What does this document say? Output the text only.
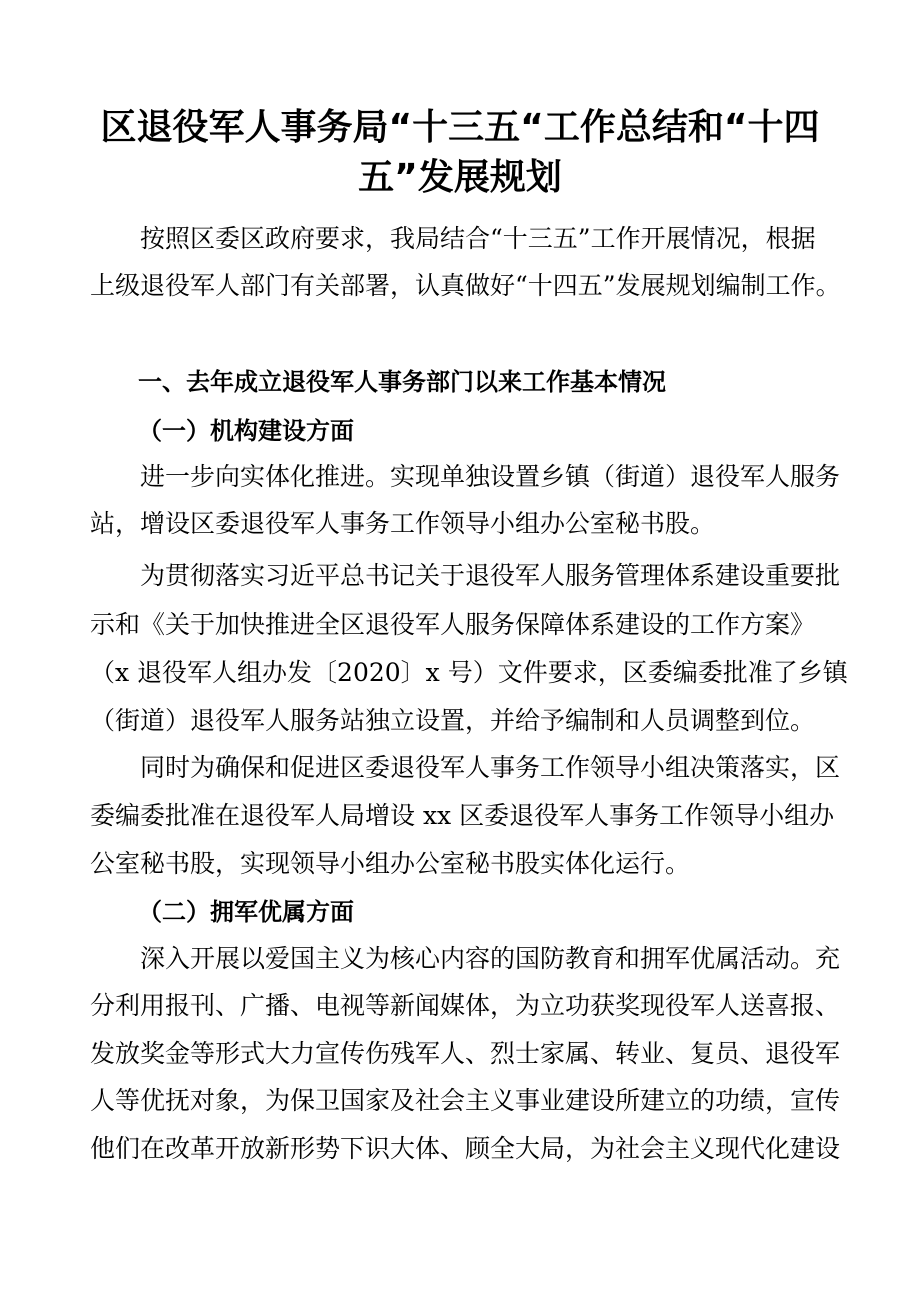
区退役军人事务局“十三五“工作总结和“十四
五”发展规划

　　按照区委区政府要求，我局结合“十三五”工作开展情况，根据

上级退役军人部门有关部署，认真做好“十四五”发展规划编制工作。

一、去年成立退役军人事务部门以来工作基本情况
（一）机构建设方面

　　进一步向实体化推进。实现单独设置乡镇（街道）退役军人服务

站，增设区委退役军人事务工作领导小组办公室秘书股。

　　为贯彻落实习近平总书记关于退役军人服务管理体系建设重要批

示和《关于加快推进全区退役军人服务保障体系建设的工作方案》

（x 退役军人组办发〔2020〕x 号）文件要求，区委编委批准了乡镇

（街道）退役军人服务站独立设置，并给予编制和人员调整到位。

　　同时为确保和促进区委退役军人事务工作领导小组决策落实，区

委编委批准在退役军人局增设 xx 区委退役军人事务工作领导小组办

公室秘书股，实现领导小组办公室秘书股实体化运行。

（二）拥军优属方面

　　深入开展以爱国主义为核心内容的国防教育和拥军优属活动。充

分利用报刊、广播、电视等新闻媒体，为立功获奖现役军人送喜报、

发放奖金等形式大力宣传伤残军人、烈士家属、转业、复员、退役军

人等优抚对象，为保卫国家及社会主义事业建设所建立的功绩，宣传

他们在改革开放新形势下识大体、顾全大局，为社会主义现代化建设
